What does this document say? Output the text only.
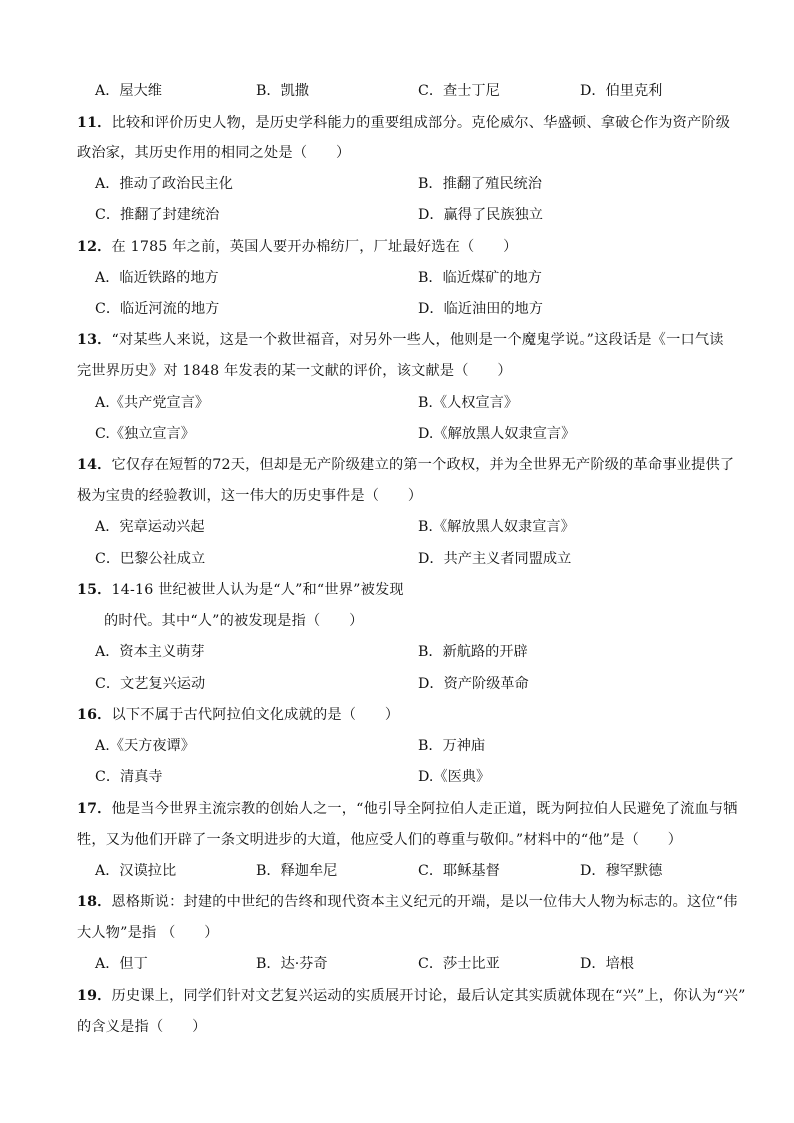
A．屋大维	B．凯撒	C．查士丁尼	D．伯里克利
11．比较和评价历史人物，是历史学科能力的重要组成部分。克伦威尔、华盛顿、拿破仑作为资产阶级
政治家，其历史作用的相同之处是（　　）
A．推动了政治民主化	B．推翻了殖民统治
C．推翻了封建统治	D．赢得了民族独立
12．在 1785 年之前，英国人要开办棉纺厂，厂址最好选在（　　）
A．临近铁路的地方	B．临近煤矿的地方
C．临近河流的地方	D．临近油田的地方
13．“对某些人来说，这是一个救世福音，对另外一些人，他则是一个魔鬼学说。”这段话是《一口气读
完世界历史》对 1848 年发表的某一文献的评价，该文献是（　　）
A.《共产党宣言》	B.《人权宣言》
C.《独立宣言》	D.《解放黑人奴隶宣言》
14．它仅存在短暂的72天，但却是无产阶级建立的第一个政权，并为全世界无产阶级的革命事业提供了
极为宝贵的经验教训，这一伟大的历史事件是（　　）
A．宪章运动兴起	B.《解放黑人奴隶宣言》
C．巴黎公社成立	D．共产主义者同盟成立
15．14-16 世纪被世人认为是“人”和“世界”被发现
的时代。其中“人”的被发现是指（　　）
A．资本主义萌芽	B．新航路的开辟
C．文艺复兴运动	D．资产阶级革命
16．以下不属于古代阿拉伯文化成就的是（　　）
A.《天方夜谭》	B．万神庙
C．清真寺	D.《医典》
17．他是当今世界主流宗教的创始人之一，“他引导全阿拉伯人走正道，既为阿拉伯人民避免了流血与牺
牲，又为他们开辟了一条文明进步的大道，他应受人们的尊重与敬仰。”材料中的“他”是（　　）
A．汉谟拉比	B．释迦牟尼	C．耶稣基督	D．穆罕默德
18．恩格斯说：封建的中世纪的告终和现代资本主义纪元的开端，是以一位伟大人物为标志的。这位“伟
大人物”是指 （　　）
A．但丁	B．达·芬奇	C．莎士比亚	D．培根
19．历史课上，同学们针对文艺复兴运动的实质展开讨论，最后认定其实质就体现在“兴”上，你认为“兴”
的含义是指（　　）
